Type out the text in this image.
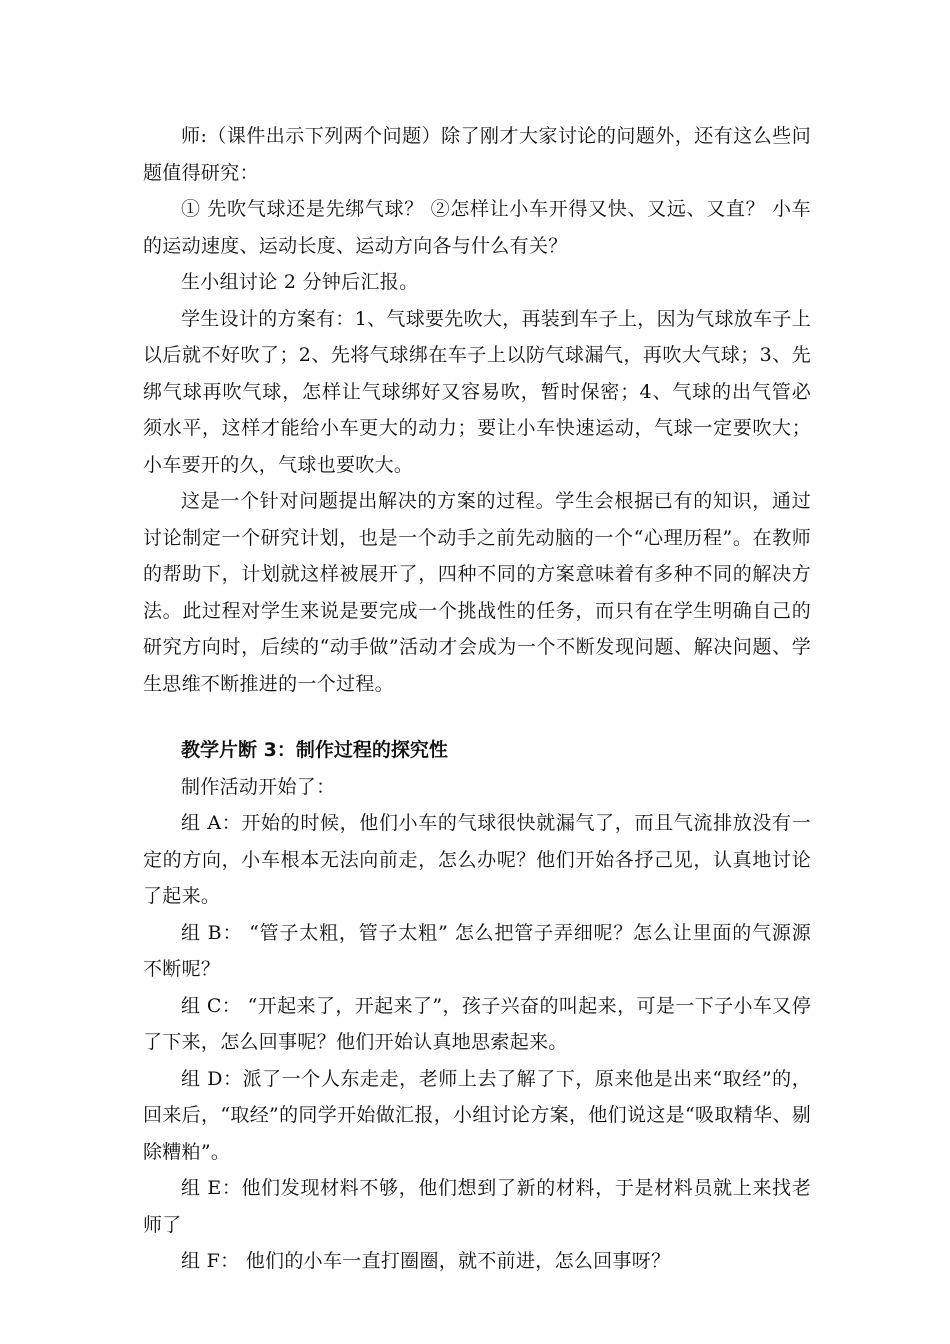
师:（课件出示下列两个问题）除了刚才大家讨论的问题外，还有这么些问题值得研究：

① 先吹气球还是先绑气球？ ②怎样让小车开得又快、又远、又直？ 小车的运动速度、运动长度、运动方向各与什么有关？

生小组讨论 2 分钟后汇报。

学生设计的方案有：1、气球要先吹大，再装到车子上，因为气球放车子上以后就不好吹了；2、先将气球绑在车子上以防气球漏气，再吹大气球；3、先绑气球再吹气球，怎样让气球绑好又容易吹，暂时保密；4、气球的出气管必须水平，这样才能给小车更大的动力；要让小车快速运动，气球一定要吹大；小车要开的久，气球也要吹大。

这是一个针对问题提出解决的方案的过程。学生会根据已有的知识，通过讨论制定一个研究计划，也是一个动手之前先动脑的一个“心理历程”。在教师的帮助下，计划就这样被展开了，四种不同的方案意味着有多种不同的解决方法。此过程对学生来说是要完成一个挑战性的任务，而只有在学生明确自己的研究方向时，后续的“动手做”活动才会成为一个不断发现问题、解决问题、学生思维不断推进的一个过程。

教学片断 3：制作过程的探究性

制作活动开始了：

组 A：开始的时候，他们小车的气球很快就漏气了，而且气流排放没有一定的方向，小车根本无法向前走，怎么办呢？他们开始各抒己见，认真地讨论了起来。

组 B： “管子太粗，管子太粗” 怎么把管子弄细呢？怎么让里面的气源源不断呢？

组 C： “开起来了，开起来了”，孩子兴奋的叫起来，可是一下子小车又停了下来，怎么回事呢？他们开始认真地思索起来。

组 D：派了一个人东走走，老师上去了解了下，原来他是出来“取经”的，回来后，“取经”的同学开始做汇报，小组讨论方案，他们说这是“吸取精华、剔除糟粕”。

组 E：他们发现材料不够，他们想到了新的材料，于是材料员就上来找老师了

组 F： 他们的小车一直打圈圈，就不前进，怎么回事呀？
